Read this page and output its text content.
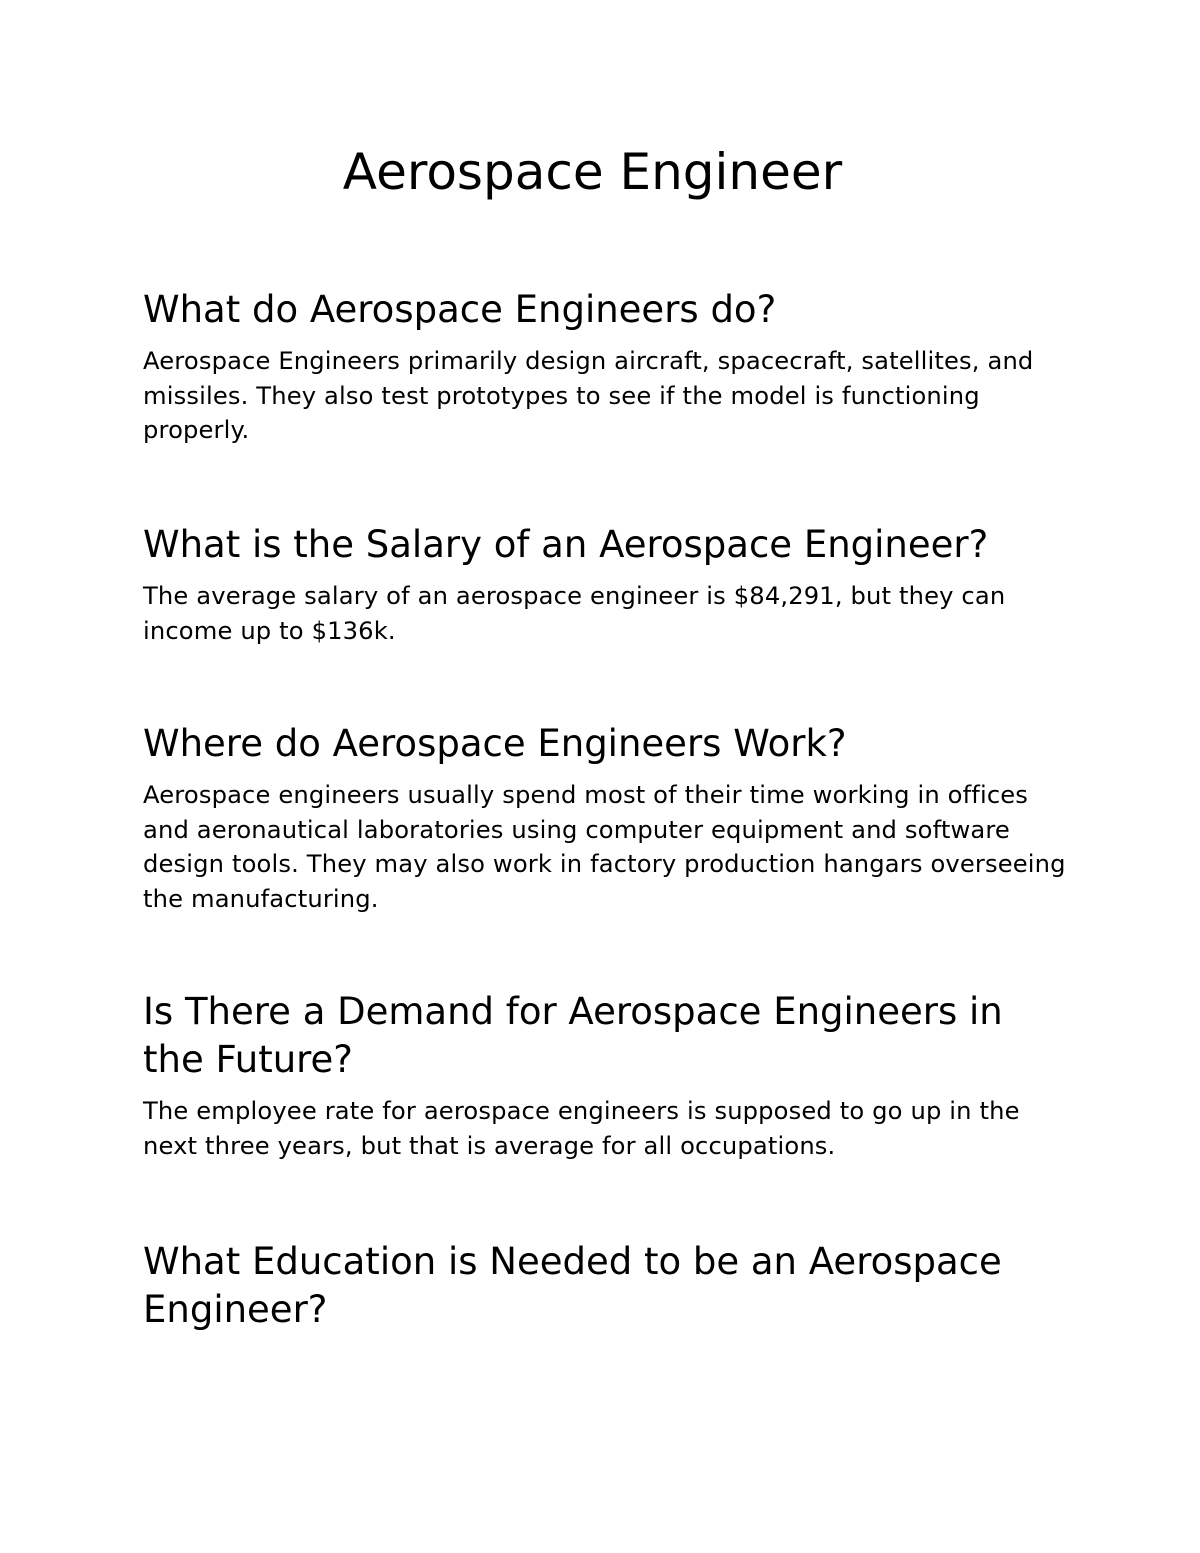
Aerospace Engineer
What do Aerospace Engineers do?

Aerospace Engineers primarily design aircraft, spacecraft, satellites, and missiles. They also test prototypes to see if the model is functioning properly.

What is the Salary of an Aerospace Engineer?

The average salary of an aerospace engineer is $84,291, but they can income up to $136k.

Where do Aerospace Engineers Work?

Aerospace engineers usually spend most of their time working in offices and aeronautical laboratories using computer equipment and software design tools. They may also work in factory production hangars overseeing the manufacturing.

Is There a Demand for Aerospace Engineers in the Future?

The employee rate for aerospace engineers is supposed to go up in the next three years, but that is average for all occupations.

What Education is Needed to be an Aerospace Engineer?
